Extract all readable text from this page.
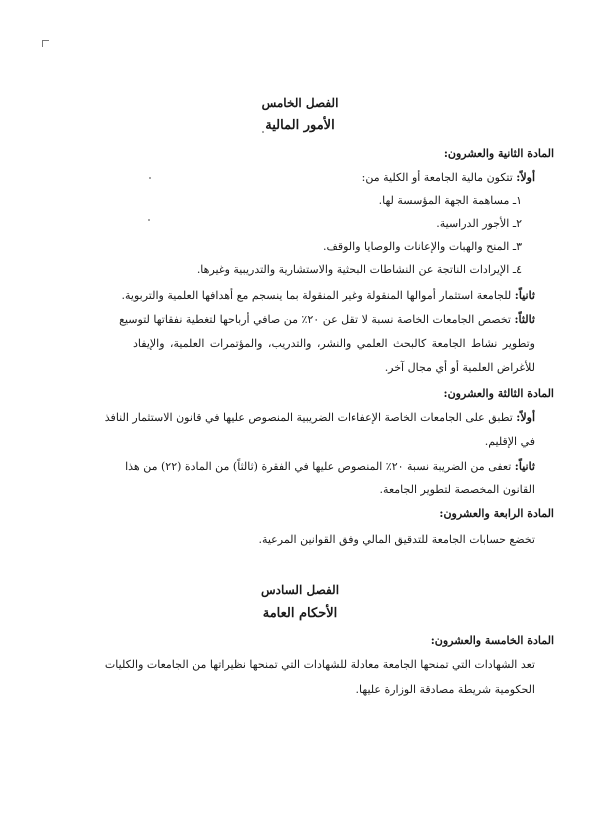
الفصل الخامس
الأمور المالية
المادة الثانية والعشرون:
أولاً: تتكون مالية الجامعة أو الكلية من:
١ـ مساهمة الجهة المؤسسة لها.
٢ـ الأجور الدراسية.
٣ـ المنح والهبات والإعانات والوصايا والوقف.
٤ـ الإيرادات الناتجة عن النشاطات البحثية والاستشارية والتدريبية وغيرها.
ثانياً: للجامعة استثمار أموالها المنقولة وغير المنقولة بما ينسجم مع أهدافها العلمية والتربوية.
ثالثاً: تخصص الجامعات الخاصة نسبة لا تقل عن ٢٠٪ من صافي أرباحها لتغطية نفقاتها لتوسيع
وتطوير نشاط الجامعة كالبحث العلمي والنشر، والتدريب، والمؤتمرات العلمية، والإيفاد
للأغراض العلمية أو أي مجال آخر.
المادة الثالثة والعشرون:
أولاً: تطبق على الجامعات الخاصة الإعفاءات الضريبية المنصوص عليها في قانون الاستثمار النافذ
في الإقليم.
ثانياً: تعفى من الضريبة نسبة ٢٠٪ المنصوص عليها في الفقرة (ثالثاً) من المادة (٢٢) من هذا
القانون المخصصة لتطوير الجامعة.
المادة الرابعة والعشرون:
تخضع حسابات الجامعة للتدقيق المالي وفق القوانين المرعية.
الفصل السادس
الأحكام العامة
المادة الخامسة والعشرون:
تعد الشهادات التي تمنحها الجامعة معادلة للشهادات التي تمنحها نظيراتها من الجامعات والكليات
الحكومية شريطة مصادقة الوزارة عليها.
